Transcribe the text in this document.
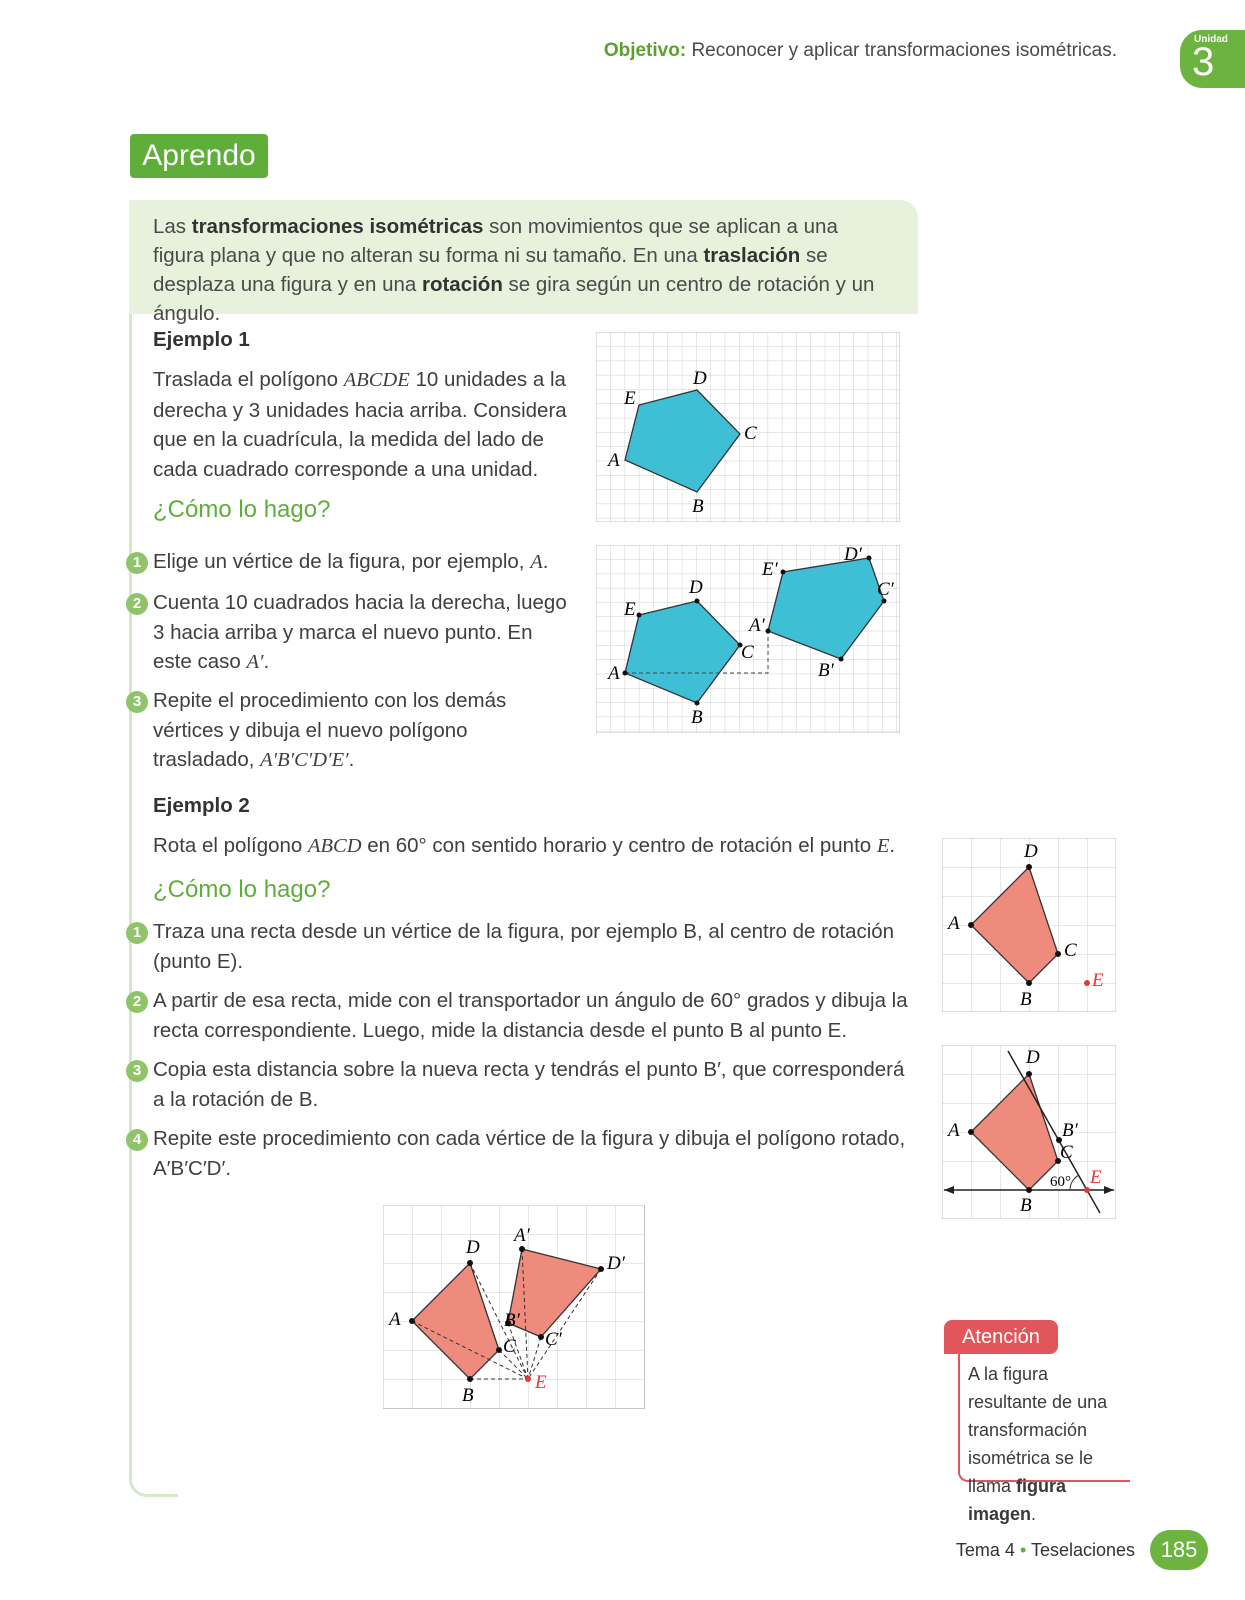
Objetivo: Reconocer y aplicar transformaciones isométricas.
Unidad
3
Aprendo
Las transformaciones isométricas son movimientos que se aplican a una figura plana y que no alteran su forma ni su tamaño. En una traslación se desplaza una figura y en una rotación se gira según un centro de rotación y un ángulo.
Ejemplo 1
Traslada el polígono ABCDE 10 unidades a la derecha y 3 unidades hacia arriba. Considera que en la cuadrícula, la medida del lado de cada cuadrado corresponde a una unidad.
¿Cómo lo hago?
1 Elige un vértice de la figura, por ejemplo, A.
2 Cuenta 10 cuadrados hacia la derecha, luego 3 hacia arriba y marca el nuevo punto. En este caso A′.
3 Repite el procedimiento con los demás vértices y dibuja el nuevo polígono trasladado, A′B′C′D′E′.
A
E
D
C
B
A
E
D
C
B
A′
E′
D′
C′
B′
Ejemplo 2
Rota el polígono ABCD en 60° con sentido horario y centro de rotación el punto E.
¿Cómo lo hago?
1 Traza una recta desde un vértice de la figura, por ejemplo B, al centro de rotación (punto E).
2 A partir de esa recta, mide con el transportador un ángulo de 60° grados y dibuja la recta correspondiente. Luego, mide la distancia desde el punto B al punto E.
3 Copia esta distancia sobre la nueva recta y tendrás el punto B′, que corresponderá a la rotación de B.
4 Repite este procedimiento con cada vértice de la figura y dibuja el polígono rotado, A′B′C′D′.
A
D
C
B
E
A
D
B′
C
B
60° E
A
D
C
B
A′
D′
C′
B′
E
Atención
A la figura resultante de una transformación isométrica se le llama figura imagen.
Tema 4 • Teselaciones	185
